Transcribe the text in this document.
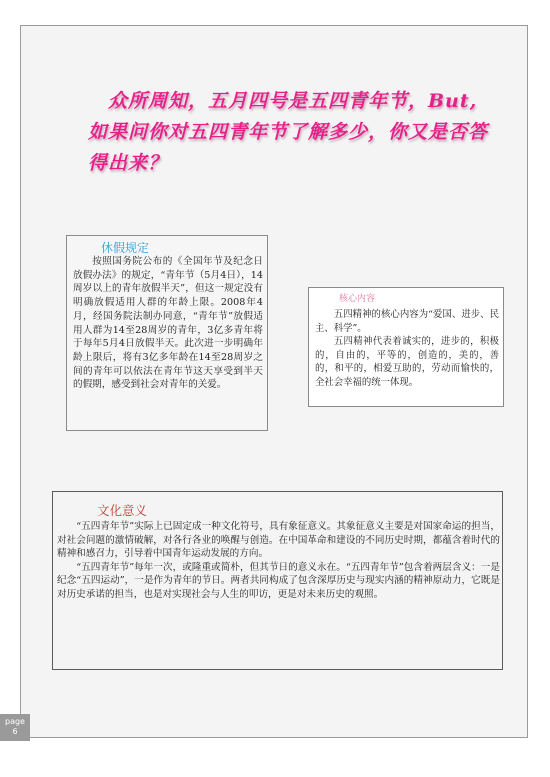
众所周知，五月四号是五四青年节，But,
如果问你对五四青年节了解多少，你又是否答
得出来？
休假规定

按照国务院公布的《全国年节及纪念日放假办法》的规定，“青年节（5月4日），14周岁以上的青年放假半天”，但这一规定没有明确放假适用人群的年龄上限。2008年4月，经国务院法制办同意，“青年节”放假适用人群为14至28周岁的青年，3亿多青年将于每年5月4日放假半天。此次进一步明确年龄上限后，将有3亿多年龄在14至28周岁之间的青年可以依法在青年节这天享受到半天的假期，感受到社会对青年的关爱。

核心内容

五四精神的核心内容为“爱国、进步、民主、科学”。

五四精神代表着诚实的，进步的，积极的，自由的，平等的，创造的，美的，善的，和平的，相爱互助的，劳动而愉快的，全社会幸福的统一体现。

文化意义

“五四青年节”实际上已固定成一种文化符号，具有象征意义。其象征意义主要是对国家命运的担当，对社会问题的激情破解，对各行各业的唤醒与创造。在中国革命和建设的不同历史时期，都蕴含着时代的精神和感召力，引导着中国青年运动发展的方向。

“五四青年节”每年一次，或隆重或简朴，但其节日的意义永在。“五四青年节”包含着两层含义：一是纪念“五四运动”，一是作为青年的节日。两者共同构成了包含深厚历史与现实内涵的精神原动力，它既是对历史承诺的担当，也是对实现社会与人生的叩访，更是对未来历史的观照。

page
6
